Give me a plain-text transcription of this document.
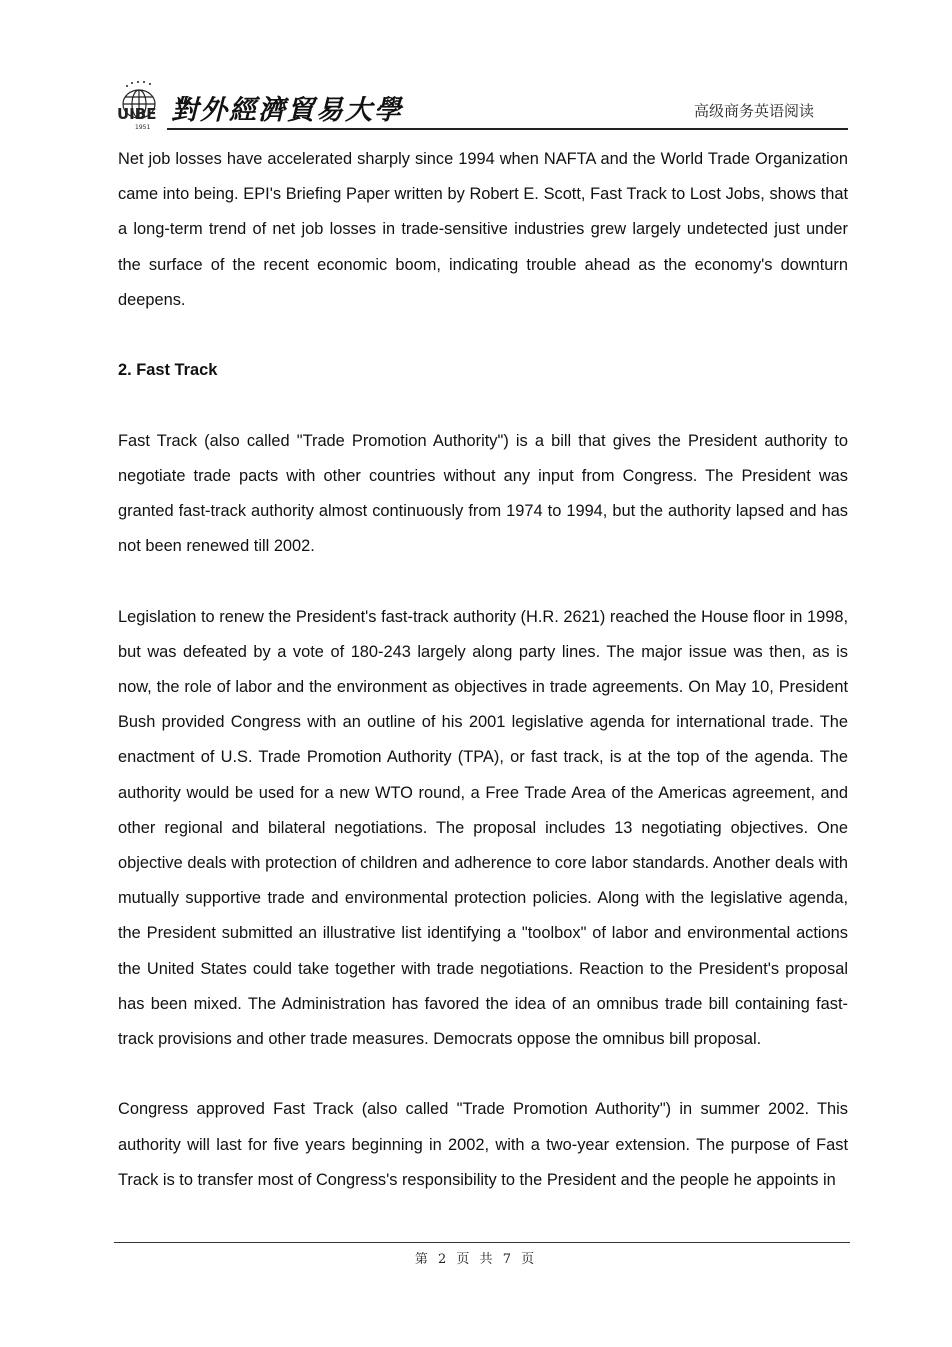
UIBE
1951
對外經濟貿易大學	高级商务英语阅读

Net job losses have accelerated sharply since 1994 when NAFTA and the World Trade Organization came into being. EPI's Briefing Paper written by Robert E. Scott, Fast Track to Lost Jobs, shows that a long-term trend of net job losses in trade-sensitive industries grew largely undetected just under the surface of the recent economic boom, indicating trouble ahead as the economy's downturn deepens.

2. Fast Track

Fast Track (also called "Trade Promotion Authority") is a bill that gives the President authority to negotiate trade pacts with other countries without any input from Congress. The President was granted fast-track authority almost continuously from 1974 to 1994, but the authority lapsed and has not been renewed till 2002.

Legislation to renew the President's fast-track authority (H.R. 2621) reached the House floor in 1998, but was defeated by a vote of 180-243 largely along party lines. The major issue was then, as is now, the role of labor and the environment as objectives in trade agreements. On May 10, President Bush provided Congress with an outline of his 2001 legislative agenda for international trade. The enactment of U.S. Trade Promotion Authority (TPA), or fast track, is at the top of the agenda. The authority would be used for a new WTO round, a Free Trade Area of the Americas agreement, and other regional and bilateral negotiations. The proposal includes 13 negotiating objectives. One objective deals with protection of children and adherence to core labor standards. Another deals with mutually supportive trade and environmental protection policies. Along with the legislative agenda, the President submitted an illustrative list identifying a "toolbox" of labor and environmental actions the United States could take together with trade negotiations. Reaction to the President's proposal has been mixed. The Administration has favored the idea of an omnibus trade bill containing fast-track provisions and other trade measures. Democrats oppose the omnibus bill proposal.

Congress approved Fast Track (also called "Trade Promotion Authority") in summer 2002. This authority will last for five years beginning in 2002, with a two-year extension. The purpose of Fast Track is to transfer most of Congress's responsibility to the President and the people he appoints in

第 2 页 共 7 页
